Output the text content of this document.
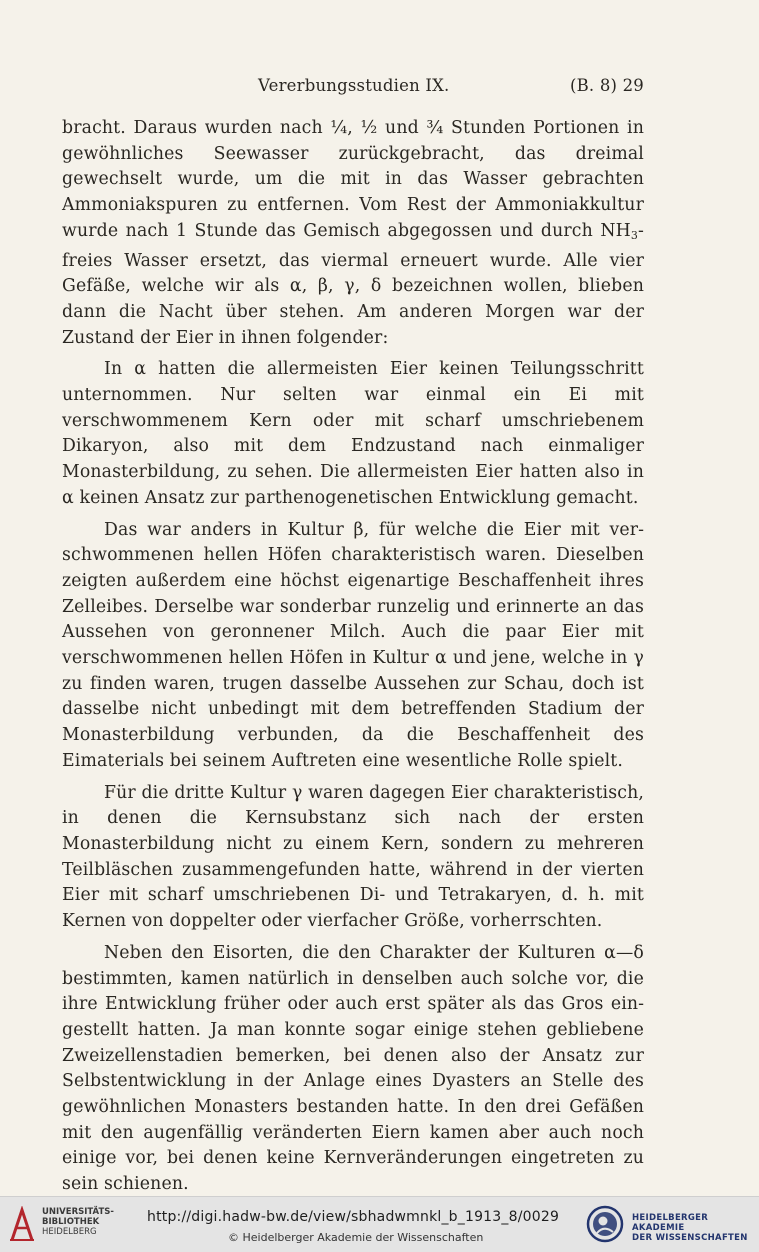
Vererbungsstudien IX.	(B. 8) 29

bracht. Daraus wurden nach ¼, ½ und ¾ Stunden Portionen in gewöhnliches Seewasser zurückgebracht, das dreimal gewechselt wurde, um die mit in das Wasser gebrachten Ammoniakspuren zu entfernen. Vom Rest der Ammoniakkultur wurde nach 1 Stunde das Gemisch abgegossen und durch $NH_3$-freies Wasser ersetzt, das viermal erneuert wurde. Alle vier Gefäße, welche wir als α, β, γ, δ bezeichnen wollen, blieben dann die Nacht über stehen. Am anderen Morgen war der Zustand der Eier in ihnen folgender:

In α hatten die allermeisten Eier keinen Teilungsschritt unternommen. Nur selten war einmal ein Ei mit verschwommenem Kern oder mit scharf umschriebenem Dikaryon, also mit dem Endzustand nach einmaliger Monasterbildung, zu sehen. Die allermeisten Eier hatten also in α keinen Ansatz zur parthenogenetischen Entwicklung gemacht.

Das war anders in Kultur β, für welche die Eier mit verschwommenen hellen Höfen charakteristisch waren. Dieselben zeigten außerdem eine höchst eigenartige Beschaffenheit ihres Zelleibes. Derselbe war sonderbar runzelig und erinnerte an das Aussehen von geronnener Milch. Auch die paar Eier mit verschwommenen hellen Höfen in Kultur α und jene, welche in γ zu finden waren, trugen dasselbe Aussehen zur Schau, doch ist dasselbe nicht unbedingt mit dem betreffenden Stadium der Monasterbildung verbunden, da die Beschaffenheit des Eimaterials bei seinem Auftreten eine wesentliche Rolle spielt.

Für die dritte Kultur γ waren dagegen Eier charakteristisch, in denen die Kernsubstanz sich nach der ersten Monasterbildung nicht zu einem Kern, sondern zu mehreren Teilbläschen zusammengefunden hatte, während in der vierten Eier mit scharf umschriebenen Di- und Tetrakaryen, d. h. mit Kernen von doppelter oder vierfacher Größe, vorherrschten.

Neben den Eisorten, die den Charakter der Kulturen α—δ bestimmten, kamen natürlich in denselben auch solche vor, die ihre Entwicklung früher oder auch erst später als das Gros eingestellt hatten. Ja man konnte sogar einige stehen gebliebene Zweizellenstadien bemerken, bei denen also der Ansatz zur Selbstentwicklung in der Anlage eines Dyasters an Stelle des gewöhnlichen Monasters bestanden hatte. In den drei Gefäßen mit den augenfällig veränderten Eiern kamen aber auch noch einige vor, bei denen keine Kernveränderungen eingetreten zu sein schienen.

UNIVERSITÄTS-
BIBLIOTHEK
HEIDELBERG
http://digi.hadw-bw.de/view/sbhadwmnkl_b_1913_8/0029
© Heidelberger Akademie der Wissenschaften
HEIDELBERGER AKADEMIE
DER WISSENSCHAFTEN
